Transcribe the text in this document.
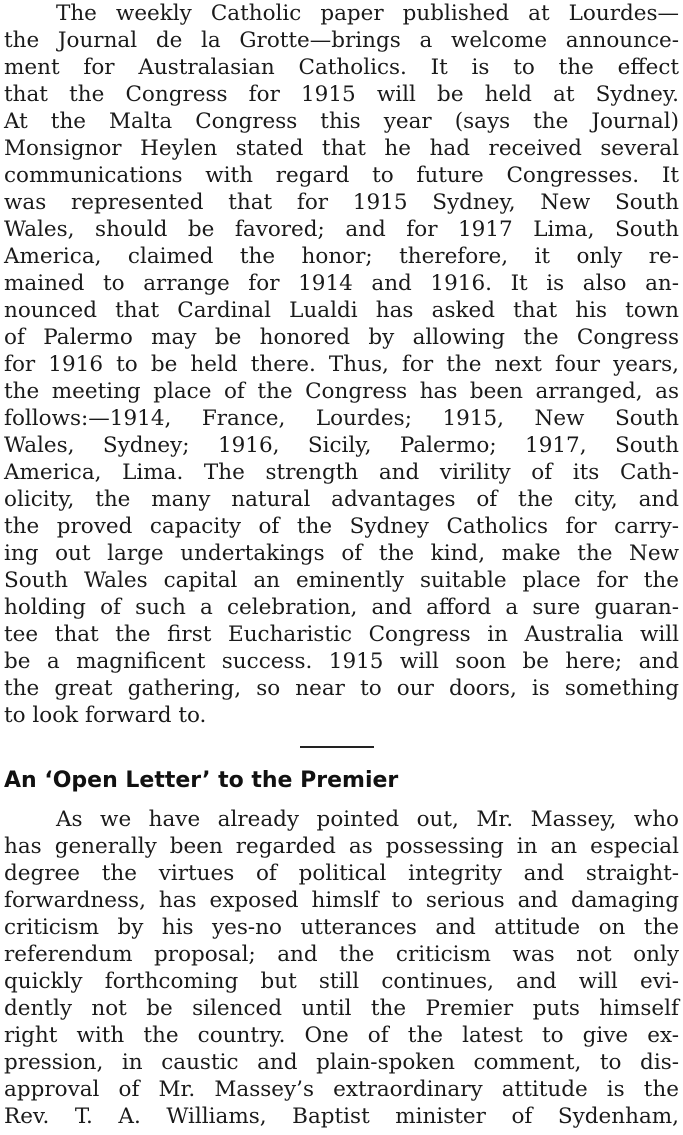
The weekly Catholic paper published at Lourdes—
the Journal de la Grotte—brings a welcome announce-
ment for Australasian Catholics. It is to the effect
that the Congress for 1915 will be held at Sydney.
At the Malta Congress this year (says the Journal)
Monsignor Heylen stated that he had received several
communications with regard to future Congresses. It
was represented that for 1915 Sydney, New South
Wales, should be favored; and for 1917 Lima, South
America, claimed the honor; therefore, it only re-
mained to arrange for 1914 and 1916. It is also an-
nounced that Cardinal Lualdi has asked that his town
of Palermo may be honored by allowing the Congress
for 1916 to be held there. Thus, for the next four years,
the meeting place of the Congress has been arranged, as
follows:—1914, France, Lourdes; 1915, New South
Wales, Sydney; 1916, Sicily, Palermo; 1917, South
America, Lima. The strength and virility of its Cath-
olicity, the many natural advantages of the city, and
the proved capacity of the Sydney Catholics for carry-
ing out large undertakings of the kind, make the New
South Wales capital an eminently suitable place for the
holding of such a celebration, and afford a sure guaran-
tee that the first Eucharistic Congress in Australia will
be a magnificent success. 1915 will soon be here; and
the great gathering, so near to our doors, is something
to look forward to.
An ‘Open Letter’ to the Premier
As we have already pointed out, Mr. Massey, who
has generally been regarded as possessing in an especial
degree the virtues of political integrity and straight-
forwardness, has exposed himslf to serious and damaging
criticism by his yes-no utterances and attitude on the
referendum proposal; and the criticism was not only
quickly forthcoming but still continues, and will evi-
dently not be silenced until the Premier puts himself
right with the country. One of the latest to give ex-
pression, in caustic and plain-spoken comment, to dis-
approval of Mr. Massey’s extraordinary attitude is the
Rev. T. A. Williams, Baptist minister of Sydenham,
